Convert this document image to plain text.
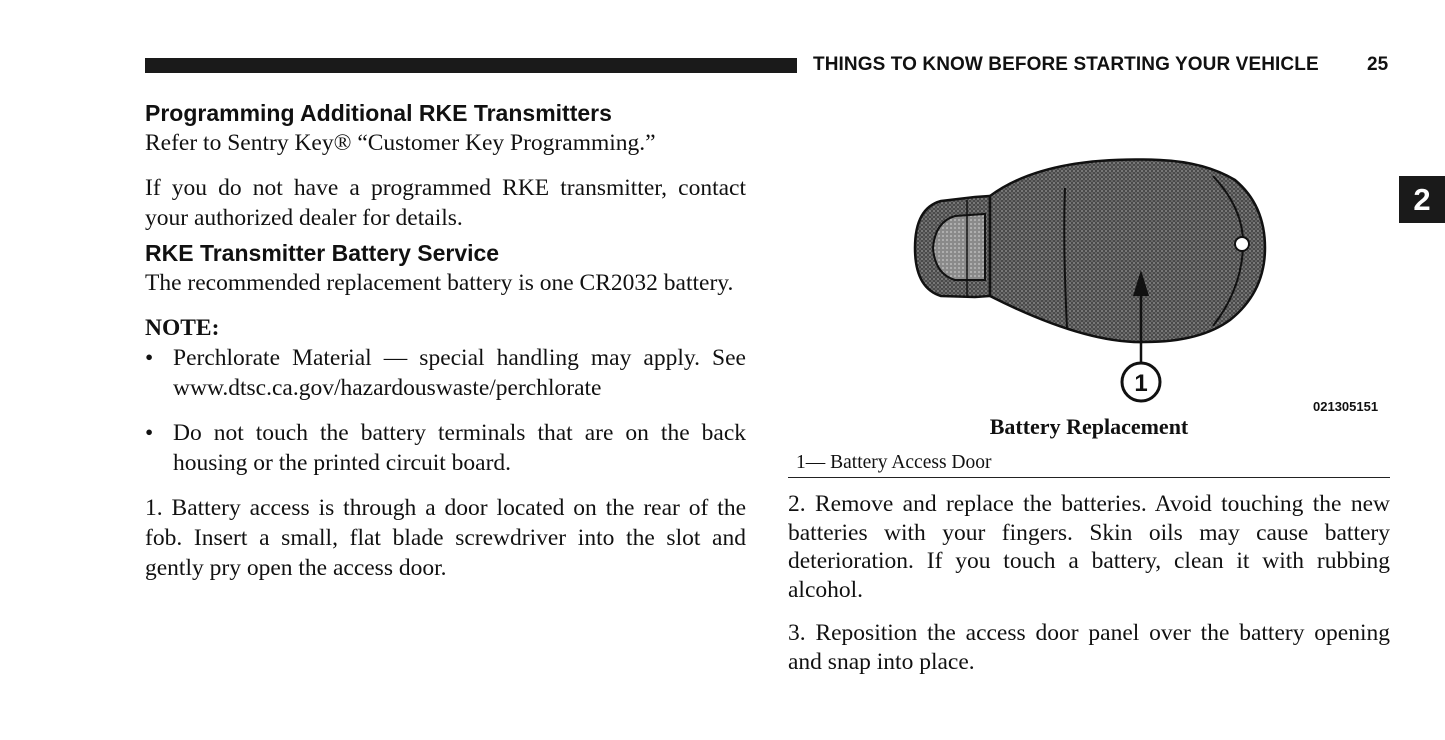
THINGS TO KNOW BEFORE STARTING YOUR VEHICLE	25
2
Programming Additional RKE Transmitters

Refer to Sentry Key® “Customer Key Programming.”

If you do not have a programmed RKE transmitter, contact your authorized dealer for details.

RKE Transmitter Battery Service

The recommended replacement battery is one CR2032 battery.

NOTE:

• Perchlorate Material — special handling may apply. See www.dtsc.ca.gov/hazardouswaste/perchlorate
• Do not touch the battery terminals that are on the back housing or the printed circuit board.

1. Battery access is through a door located on the rear of the fob. Insert a small, flat blade screwdriver into the slot and gently pry open the access door.

1
021305151
Battery Replacement
1— Battery Access Door

2. Remove and replace the batteries. Avoid touching the new batteries with your fingers. Skin oils may cause battery deterioration. If you touch a battery, clean it with rubbing alcohol.

3. Reposition the access door panel over the battery opening and snap into place.
